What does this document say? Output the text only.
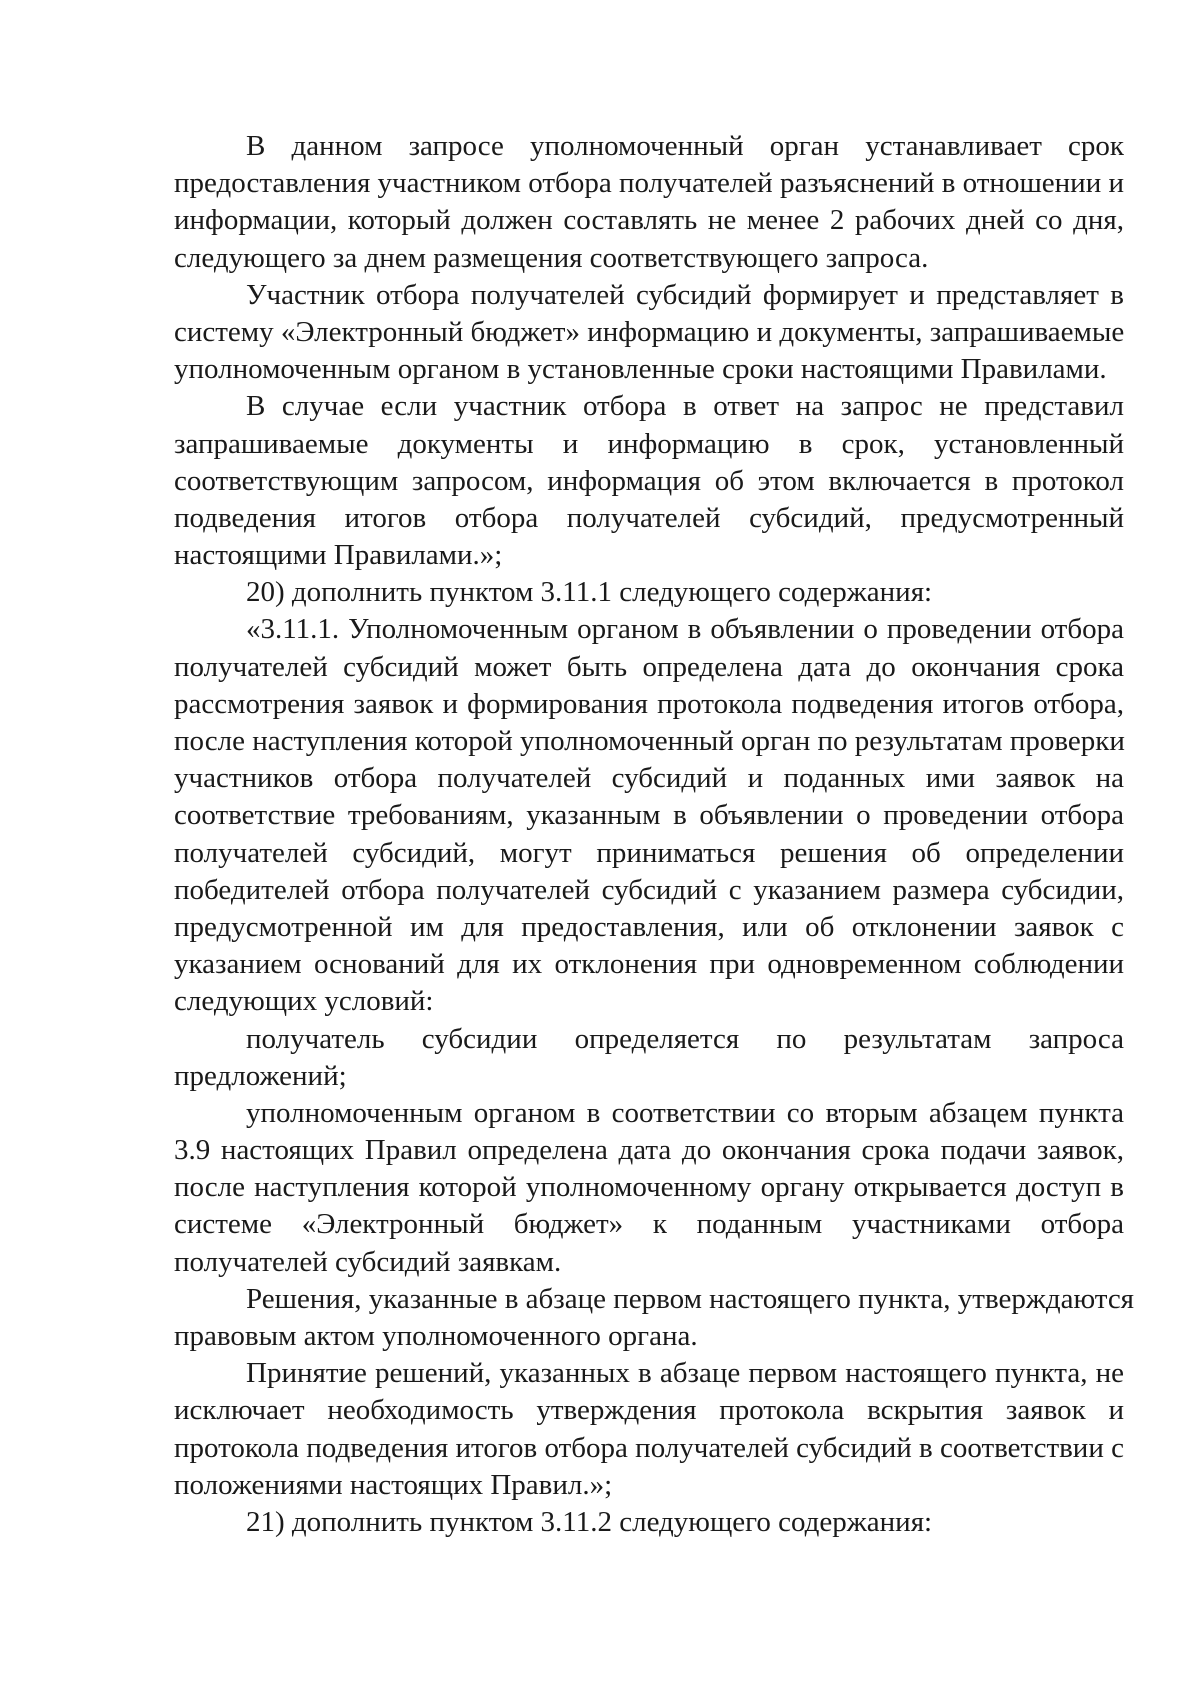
В данном запросе уполномоченный орган устанавливает срок
предоставления участником отбора получателей разъяснений в отношении и
информации, который должен составлять не менее 2 рабочих дней со дня,
следующего за днем размещения соответствующего запроса.
Участник отбора получателей субсидий формирует и представляет в
систему «Электронный бюджет» информацию и документы, запрашиваемые
уполномоченным органом в установленные сроки настоящими Правилами.
В случае если участник отбора в ответ на запрос не представил
запрашиваемые документы и информацию в срок, установленный
соответствующим запросом, информация об этом включается в протокол
подведения итогов отбора получателей субсидий, предусмотренный
настоящими Правилами.»;
20) дополнить пунктом 3.11.1 следующего содержания:
«3.11.1. Уполномоченным органом в объявлении о проведении отбора
получателей субсидий может быть определена дата до окончания срока
рассмотрения заявок и формирования протокола подведения итогов отбора,
после наступления которой уполномоченный орган по результатам проверки
участников отбора получателей субсидий и поданных ими заявок на
соответствие требованиям, указанным в объявлении о проведении отбора
получателей субсидий, могут приниматься решения об определении
победителей отбора получателей субсидий с указанием размера субсидии,
предусмотренной им для предоставления, или об отклонении заявок с
указанием оснований для их отклонения при одновременном соблюдении
следующих условий:
получатель субсидии определяется по результатам запроса
предложений;
уполномоченным органом в соответствии со вторым абзацем пункта
3.9 настоящих Правил определена дата до окончания срока подачи заявок,
после наступления которой уполномоченному органу открывается доступ в
системе «Электронный бюджет» к поданным участниками отбора
получателей субсидий заявкам.
Решения, указанные в абзаце первом настоящего пункта, утверждаются
правовым актом уполномоченного органа.
Принятие решений, указанных в абзаце первом настоящего пункта, не
исключает необходимость утверждения протокола вскрытия заявок и
протокола подведения итогов отбора получателей субсидий в соответствии с
положениями настоящих Правил.»;
21) дополнить пунктом 3.11.2 следующего содержания:
